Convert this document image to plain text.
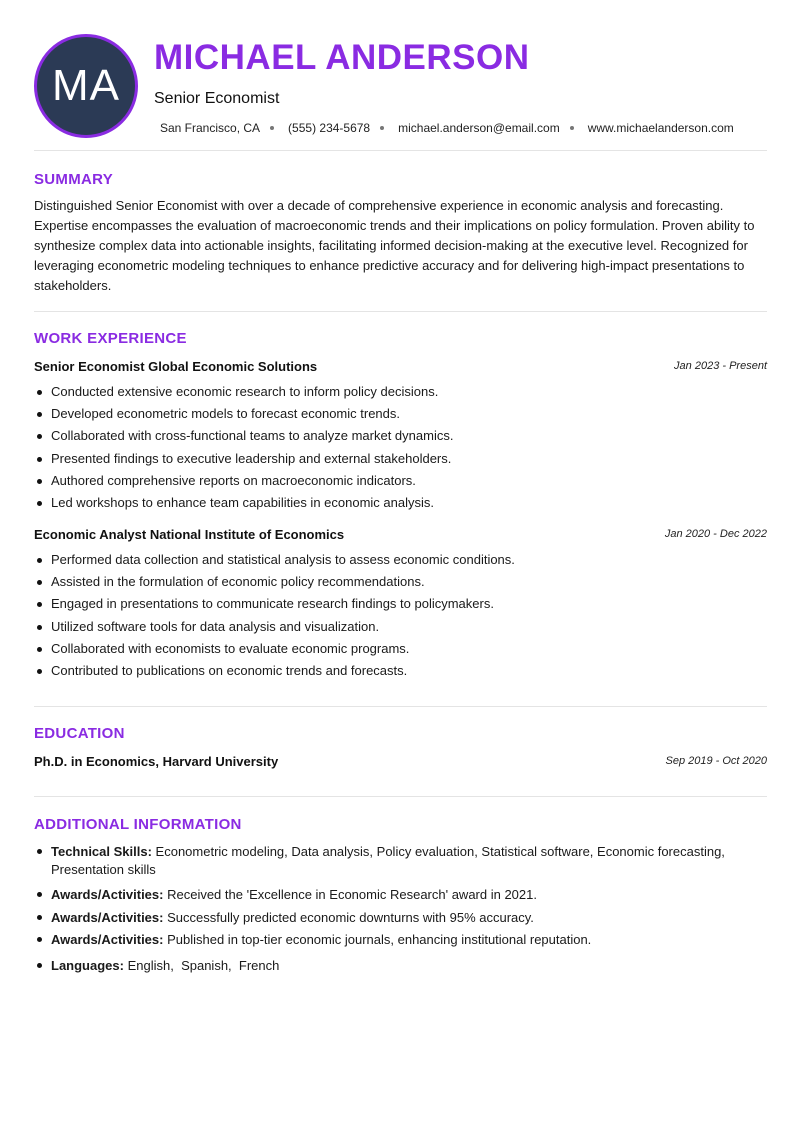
MA
MICHAEL ANDERSON
Senior Economist
San Francisco, CA (555) 234-5678 michael.anderson@email.com www.michaelanderson.com
SUMMARY

Distinguished Senior Economist with over a decade of comprehensive experience in economic analysis and forecasting. Expertise encompasses the evaluation of macroeconomic trends and their implications on policy formulation. Proven ability to synthesize complex data into actionable insights, facilitating informed decision-making at the executive level. Recognized for leveraging econometric modeling techniques to enhance predictive accuracy and for delivering high-impact presentations to stakeholders.

WORK EXPERIENCE
Senior Economist Global Economic Solutions	Jan 2023 - Present
Conducted extensive economic research to inform policy decisions.
Developed econometric models to forecast economic trends.
Collaborated with cross-functional teams to analyze market dynamics.
Presented findings to executive leadership and external stakeholders.
Authored comprehensive reports on macroeconomic indicators.
Led workshops to enhance team capabilities in economic analysis.
Economic Analyst National Institute of Economics	Jan 2020 - Dec 2022
Performed data collection and statistical analysis to assess economic conditions.
Assisted in the formulation of economic policy recommendations.
Engaged in presentations to communicate research findings to policymakers.
Utilized software tools for data analysis and visualization.
Collaborated with economists to evaluate economic programs.
Contributed to publications on economic trends and forecasts.
EDUCATION
Ph.D. in Economics, Harvard University	Sep 2019 - Oct 2020
ADDITIONAL INFORMATION
Technical Skills: Econometric modeling, Data analysis, Policy evaluation, Statistical software, Economic forecasting, Presentation skills
Awards/Activities: Received the 'Excellence in Economic Research' award in 2021.
Awards/Activities: Successfully predicted economic downturns with 95% accuracy.
Awards/Activities: Published in top-tier economic journals, enhancing institutional reputation.
Languages: English,  Spanish,  French
